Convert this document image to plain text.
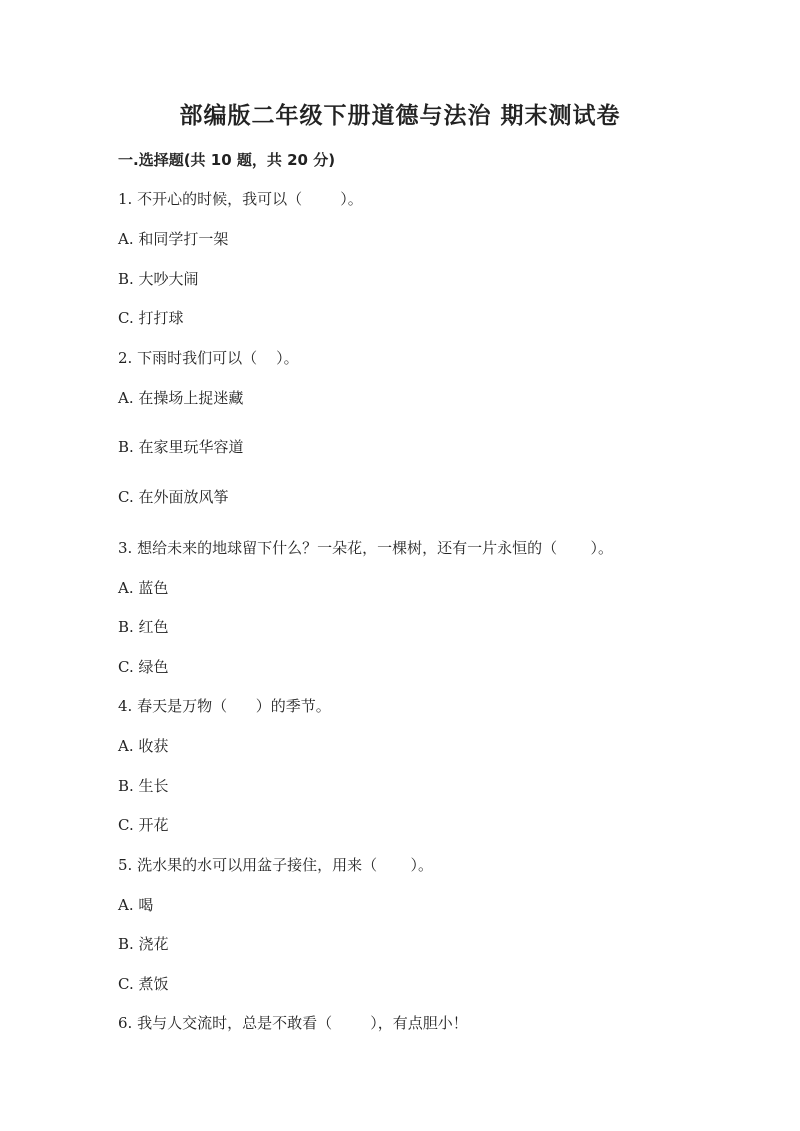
部编版二年级下册道德与法治 期末测试卷
一.选择题(共 10 题，共 20 分)
1. 不开心的时候，我可以（        ）。
A. 和同学打一架
B. 大吵大闹
C. 打打球
2. 下雨时我们可以（    ）。
A. 在操场上捉迷藏
B. 在家里玩华容道
C. 在外面放风筝
3. 想给未来的地球留下什么？一朵花，一棵树，还有一片永恒的（       ）。
A. 蓝色
B. 红色
C. 绿色
4. 春天是万物（      ）的季节。
A. 收获
B. 生长
C. 开花
5. 洗水果的水可以用盆子接住，用来（       ）。
A. 喝
B. 浇花
C. 煮饭
6. 我与人交流时，总是不敢看（        ），有点胆小！
